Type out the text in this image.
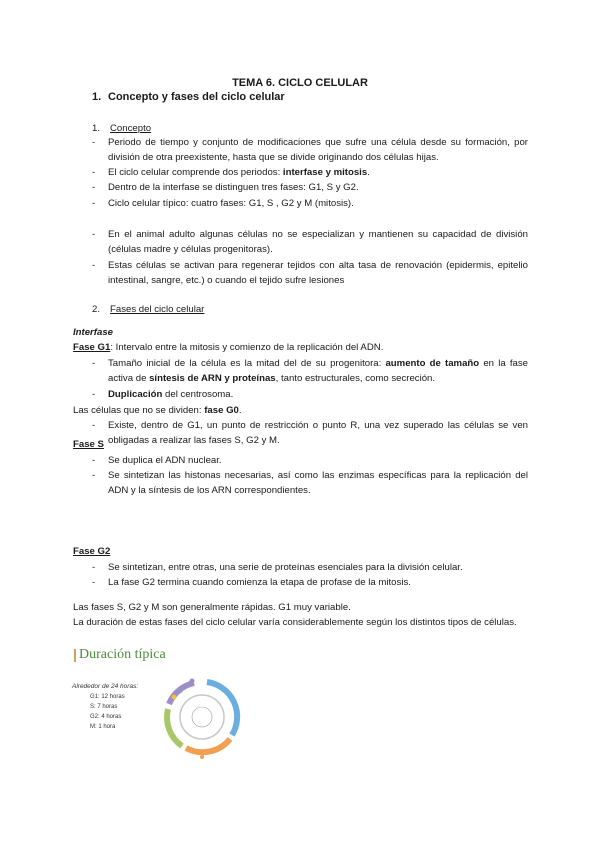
TEMA 6. CICLO CELULAR
1. Concepto y fases del ciclo celular
1. Concepto
- Periodo de tiempo y conjunto de modificaciones que sufre una célula desde su formación, por división de otra preexistente, hasta que se divide originando dos células hijas.
- El ciclo celular comprende dos periodos: interfase y mitosis.
- Dentro de la interfase se distinguen tres fases: G1, S y G2.
- Ciclo celular típico: cuatro fases: G1, S , G2 y M (mitosis).
- En el animal adulto algunas células no se especializan y mantienen su capacidad de división (células madre y células progenitoras).
- Estas células se activan para regenerar tejidos con alta tasa de renovación (epidermis, epitelio intestinal, sangre, etc.) o cuando el tejido sufre lesiones
2. Fases del ciclo celular
Interfase
Fase G1: Intervalo entre la mitosis y comienzo de la replicación del ADN.
- Tamaño inicial de la célula es la mitad del de su progenitora: aumento de tamaño en la fase activa de síntesis de ARN y proteínas, tanto estructurales, como secreción.
- Duplicación del centrosoma.
Las células que no se dividen: fase G0.
- Existe, dentro de G1, un punto de restricción o punto R, una vez superado las células se ven obligadas a realizar las fases S, G2 y M.
Fase S
- Se duplica el ADN nuclear.
- Se sintetizan las histonas necesarias, así como las enzimas específicas para la replicación del ADN y la síntesis de los ARN correspondientes.
Fase G2
- Se sintetizan, entre otras, una serie de proteínas esenciales para la división celular.
- La fase G2 termina cuando comienza la etapa de profase de la mitosis.
Las fases S, G2 y M son generalmente rápidas. G1 muy variable.
La duración de estas fases del ciclo celular varía considerablemente según los distintos tipos de células.
Duración típica
Alrededor de 24 horas:
G1: 12 horas
S: 7 horas
G2: 4 horas
M: 1 hora
